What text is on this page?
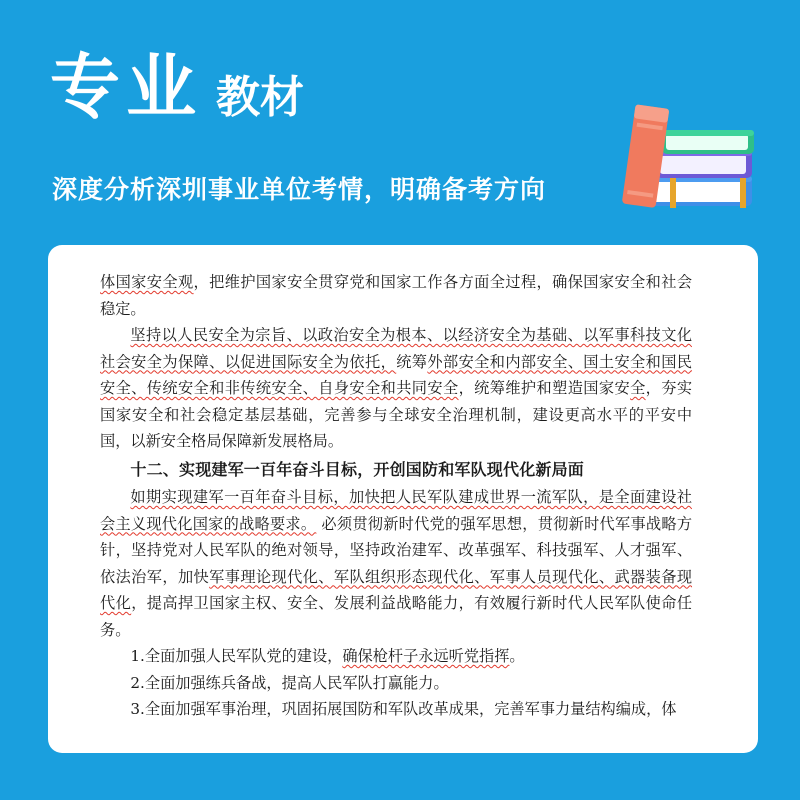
专业 教材
深度分析深圳事业单位考情，明确备考方向

体国家安全观，把维护国家安全贯穿党和国家工作各方面全过程，确保国家安全和社会稳定。

坚持以人民安全为宗旨、以政治安全为根本、以经济安全为基础、以军事科技文化社会安全为保障、以促进国际安全为依托，统筹外部安全和内部安全、国土安全和国民安全、传统安全和非传统安全、自身安全和共同安全，统筹维护和塑造国家安全，夯实国家安全和社会稳定基层基础，完善参与全球安全治理机制，建设更高水平的平安中国，以新安全格局保障新发展格局。

十二、实现建军一百年奋斗目标，开创国防和军队现代化新局面

如期实现建军一百年奋斗目标，加快把人民军队建成世界一流军队，是全面建设社会主义现代化国家的战略要求。 必须贯彻新时代党的强军思想，贯彻新时代军事战略方针，坚持党对人民军队的绝对领导，坚持政治建军、改革强军、科技强军、人才强军、依法治军，加快军事理论现代化、军队组织形态现代化、军事人员现代化、武器装备现代化，提高捍卫国家主权、安全、发展利益战略能力，有效履行新时代人民军队使命任务。

1.全面加强人民军队党的建设，确保枪杆子永远听党指挥。

2.全面加强练兵备战，提高人民军队打赢能力。

3.全面加强军事治理，巩固拓展国防和军队改革成果，完善军事力量结构编成，体
